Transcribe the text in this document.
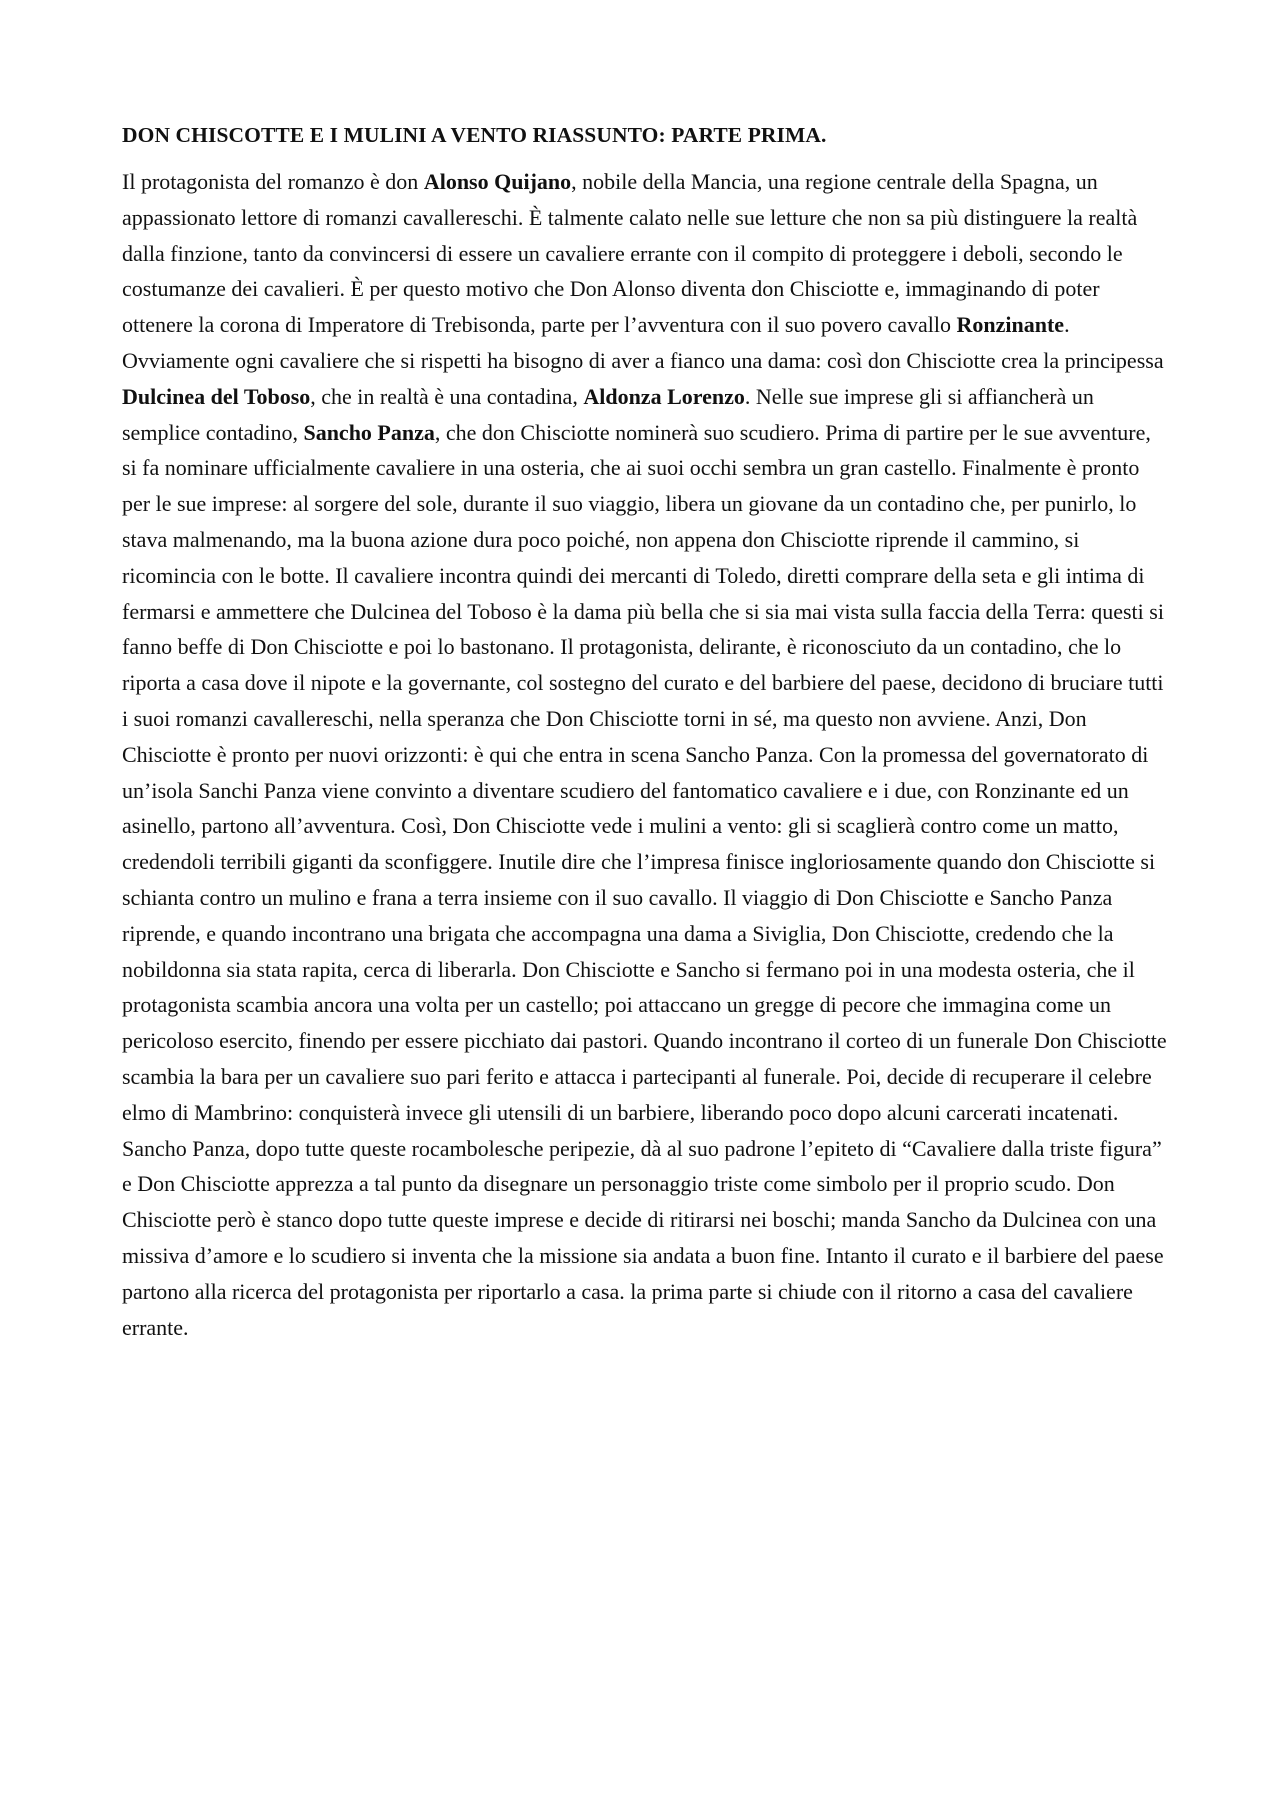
DON CHISCOTTE E I MULINI A VENTO RIASSUNTO: PARTE PRIMA.

Il protagonista del romanzo è don Alonso Quijano, nobile della Mancia, una regione centrale della Spagna, un appassionato lettore di romanzi cavallereschi. È talmente calato nelle sue letture che non sa più distinguere la realtà dalla finzione, tanto da convincersi di essere un cavaliere errante con il compito di proteggere i deboli, secondo le costumanze dei cavalieri. È per questo motivo che Don Alonso diventa don Chisciotte e, immaginando di poter ottenere la corona di Imperatore di Trebisonda, parte per l’avventura con il suo povero cavallo Ronzinante. Ovviamente ogni cavaliere che si rispetti ha bisogno di aver a fianco una dama: così don Chisciotte crea la principessa Dulcinea del Toboso, che in realtà è una contadina, Aldonza Lorenzo. Nelle sue imprese gli si affiancherà un semplice contadino, Sancho Panza, che don Chisciotte nominerà suo scudiero. Prima di partire per le sue avventure, si fa nominare ufficialmente cavaliere in una osteria, che ai suoi occhi sembra un gran castello. Finalmente è pronto per le sue imprese: al sorgere del sole, durante il suo viaggio, libera un giovane da un contadino che, per punirlo, lo stava malmenando, ma la buona azione dura poco poiché, non appena don Chisciotte riprende il cammino, si ricomincia con le botte. Il cavaliere incontra quindi dei mercanti di Toledo, diretti comprare della seta e gli intima di fermarsi e ammettere che Dulcinea del Toboso è la dama più bella che si sia mai vista sulla faccia della Terra: questi si fanno beffe di Don Chisciotte e poi lo bastonano. Il protagonista, delirante, è riconosciuto da un contadino, che lo riporta a casa dove il nipote e la governante, col sostegno del curato e del barbiere del paese, decidono di bruciare tutti i suoi romanzi cavallereschi, nella speranza che Don Chisciotte torni in sé, ma questo non avviene. Anzi, Don Chisciotte è pronto per nuovi orizzonti: è qui che entra in scena Sancho Panza. Con la promessa del governatorato di un’isola Sanchi Panza viene convinto a diventare scudiero del fantomatico cavaliere e i due, con Ronzinante ed un asinello, partono all’avventura. Così, Don Chisciotte vede i mulini a vento: gli si scaglierà contro come un matto, credendoli terribili giganti da sconfiggere. Inutile dire che l’impresa finisce ingloriosamente quando don Chisciotte si schianta contro un mulino e frana a terra insieme con il suo cavallo. Il viaggio di Don Chisciotte e Sancho Panza riprende, e quando incontrano una brigata che accompagna una dama a Siviglia, Don Chisciotte, credendo che la nobildonna sia stata rapita, cerca di liberarla. Don Chisciotte e Sancho si fermano poi in una modesta osteria, che il protagonista scambia ancora una volta per un castello; poi attaccano un gregge di pecore che immagina come un pericoloso esercito, finendo per essere picchiato dai pastori. Quando incontrano il corteo di un funerale Don Chisciotte scambia la bara per un cavaliere suo pari ferito e attacca i partecipanti al funerale. Poi, decide di recuperare il celebre elmo di Mambrino: conquisterà invece gli utensili di un barbiere, liberando poco dopo alcuni carcerati incatenati. Sancho Panza, dopo tutte queste rocambolesche peripezie, dà al suo padrone l’epiteto di “Cavaliere dalla triste figura” e Don Chisciotte apprezza a tal punto da disegnare un personaggio triste come simbolo per il proprio scudo. Don Chisciotte però è stanco dopo tutte queste imprese e decide di ritirarsi nei boschi; manda Sancho da Dulcinea con una missiva d’amore e lo scudiero si inventa che la missione sia andata a buon fine. Intanto il curato e il barbiere del paese partono alla ricerca del protagonista per riportarlo a casa. la prima parte si chiude con il ritorno a casa del cavaliere errante.
